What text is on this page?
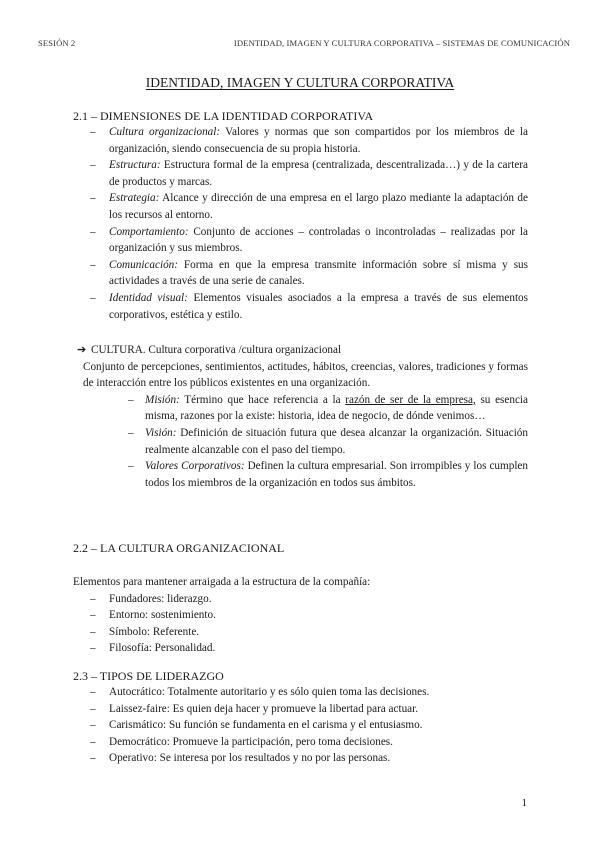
SESIÓN 2	IDENTIDAD, IMAGEN Y CULTURA CORPORATIVA – SISTEMAS DE COMUNICACIÓN
IDENTIDAD, IMAGEN Y CULTURA CORPORATIVA
2.1 – DIMENSIONES DE LA IDENTIDAD CORPORATIVA
– Cultura organizacional: Valores y normas que son compartidos por los miembros de la organización, siendo consecuencia de su propia historia.
– Estructura: Estructura formal de la empresa (centralizada, descentralizada…) y de la cartera de productos y marcas.
– Estrategia: Alcance y dirección de una empresa en el largo plazo mediante la adaptación de los recursos al entorno.
– Comportamiento: Conjunto de acciones – controladas o incontroladas – realizadas por la organización y sus miembros.
– Comunicación: Forma en que la empresa transmite información sobre sí misma y sus actividades a través de una serie de canales.
– Identidad visual: Elementos visuales asociados a la empresa a través de sus elementos corporativos, estética y estilo.
➔ CULTURA. Cultura corporativa /cultura organizacional
Conjunto de percepciones, sentimientos, actitudes, hábitos, creencias, valores, tradiciones y formas de interacción entre los públicos existentes en una organización.
– Misión: Término que hace referencia a la razón de ser de la empresa, su esencia misma, razones por la existe: historia, idea de negocio, de dónde venimos…
– Visión: Definición de situación futura que desea alcanzar la organización. Situación realmente alcanzable con el paso del tiempo.
– Valores Corporativos: Definen la cultura empresarial. Son irrompibles y los cumplen todos los miembros de la organización en todos sus ámbitos.
2.2 – LA CULTURA ORGANIZACIONAL

Elementos para mantener arraigada a la estructura de la compañía:

– Fundadores: liderazgo.
– Entorno: sostenimiento.
– Símbolo: Referente.
– Filosofía: Personalidad.
2.3 – TIPOS DE LIDERAZGO
– Autocrático: Totalmente autoritario y es sólo quien toma las decisiones.
– Laissez-faire: Es quien deja hacer y promueve la libertad para actuar.
– Carismático: Su función se fundamenta en el carisma y el entusiasmo.
– Democrático: Promueve la participación, pero toma decisiones.
– Operativo: Se interesa por los resultados y no por las personas.
1
